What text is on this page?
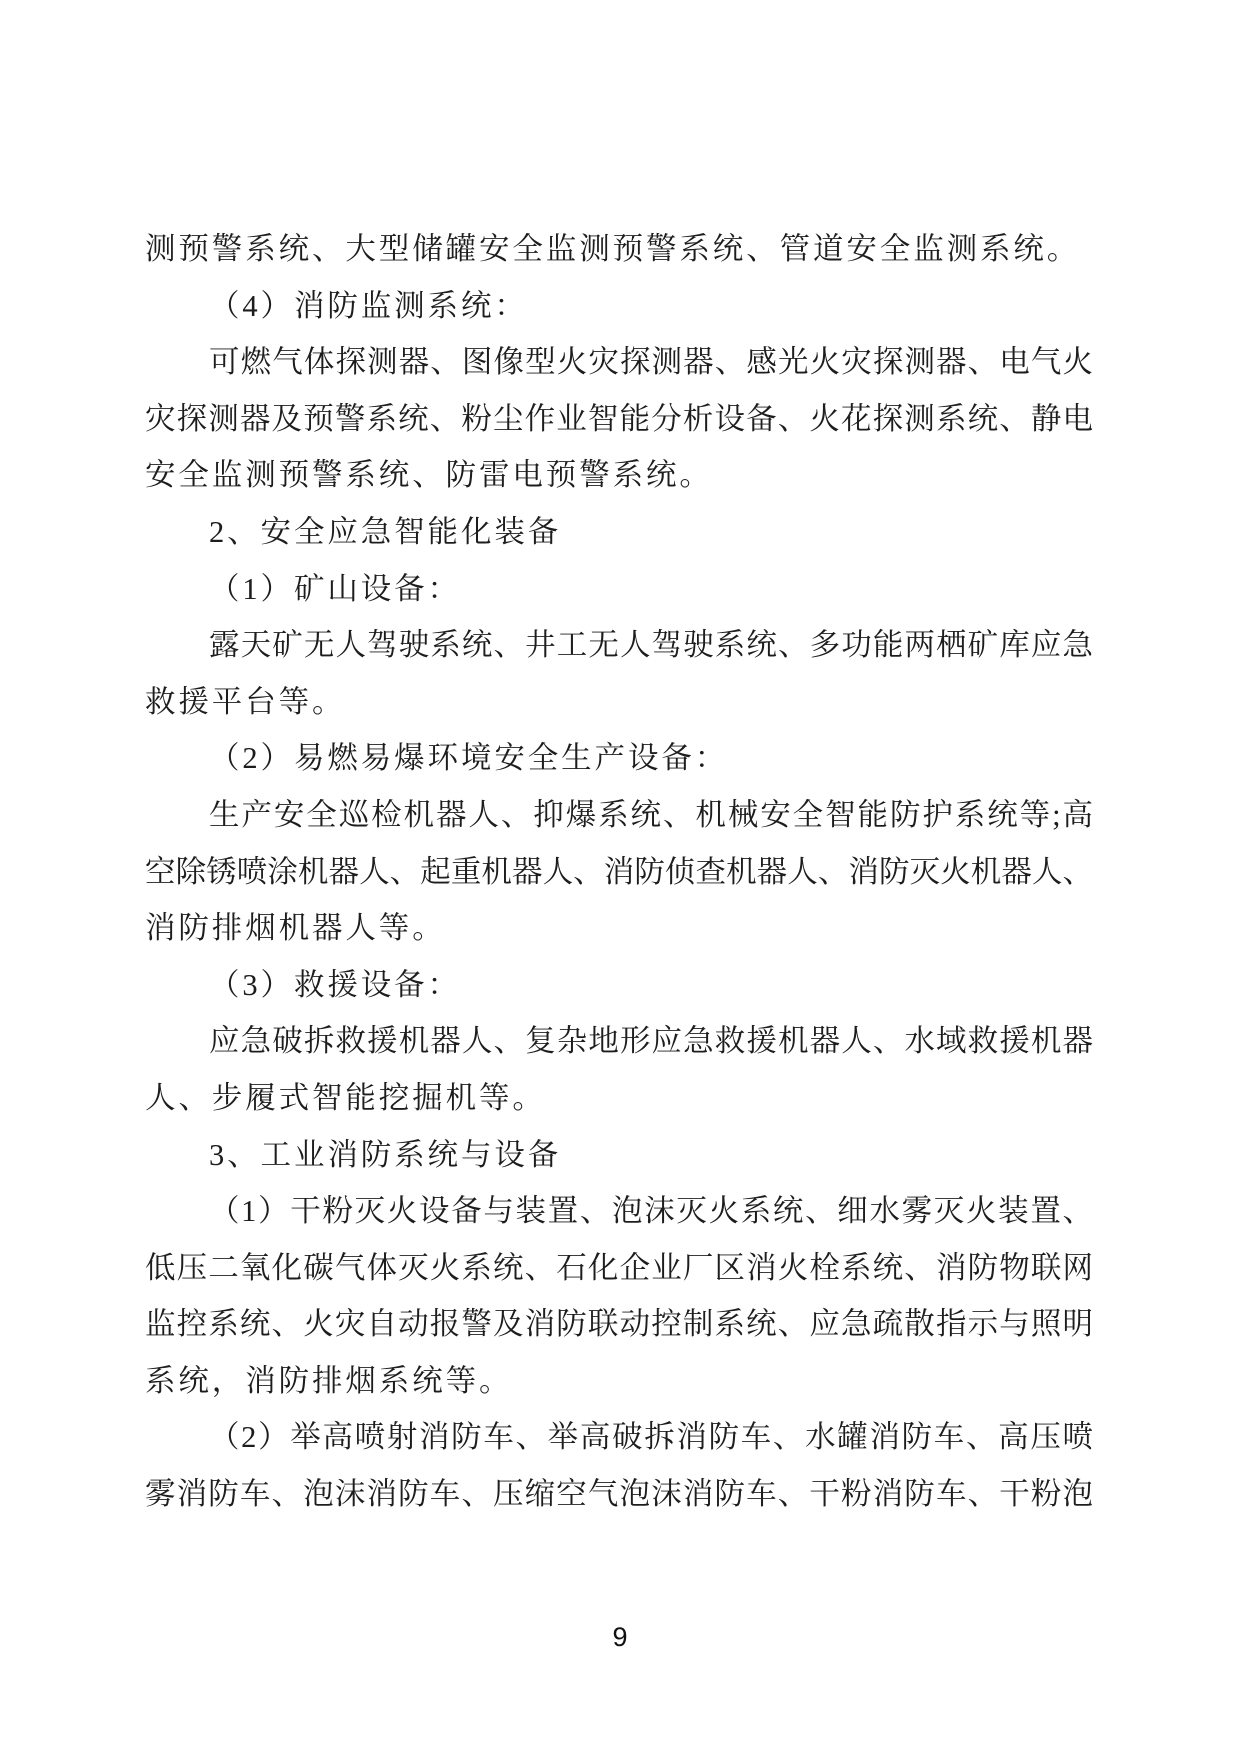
测预警系统、大型储罐安全监测预警系统、管道安全监测系统。
（4）消防监测系统：
可燃气体探测器、图像型火灾探测器、感光火灾探测器、电气火
灾探测器及预警系统、粉尘作业智能分析设备、火花探测系统、静电
安全监测预警系统、防雷电预警系统。
2、安全应急智能化装备
（1）矿山设备：
露天矿无人驾驶系统、井工无人驾驶系统、多功能两栖矿库应急
救援平台等。
（2）易燃易爆环境安全生产设备：
生产安全巡检机器人、抑爆系统、机械安全智能防护系统等;高
空除锈喷涂机器人、起重机器人、消防侦查机器人、消防灭火机器人、
消防排烟机器人等。
（3）救援设备：
应急破拆救援机器人、复杂地形应急救援机器人、水域救援机器
人、步履式智能挖掘机等。
3、工业消防系统与设备
（1）干粉灭火设备与装置、泡沫灭火系统、细水雾灭火装置、
低压二氧化碳气体灭火系统、石化企业厂区消火栓系统、消防物联网
监控系统、火灾自动报警及消防联动控制系统、应急疏散指示与照明
系统，消防排烟系统等。
（2）举高喷射消防车、举高破拆消防车、水罐消防车、高压喷
雾消防车、泡沫消防车、压缩空气泡沫消防车、干粉消防车、干粉泡
9
